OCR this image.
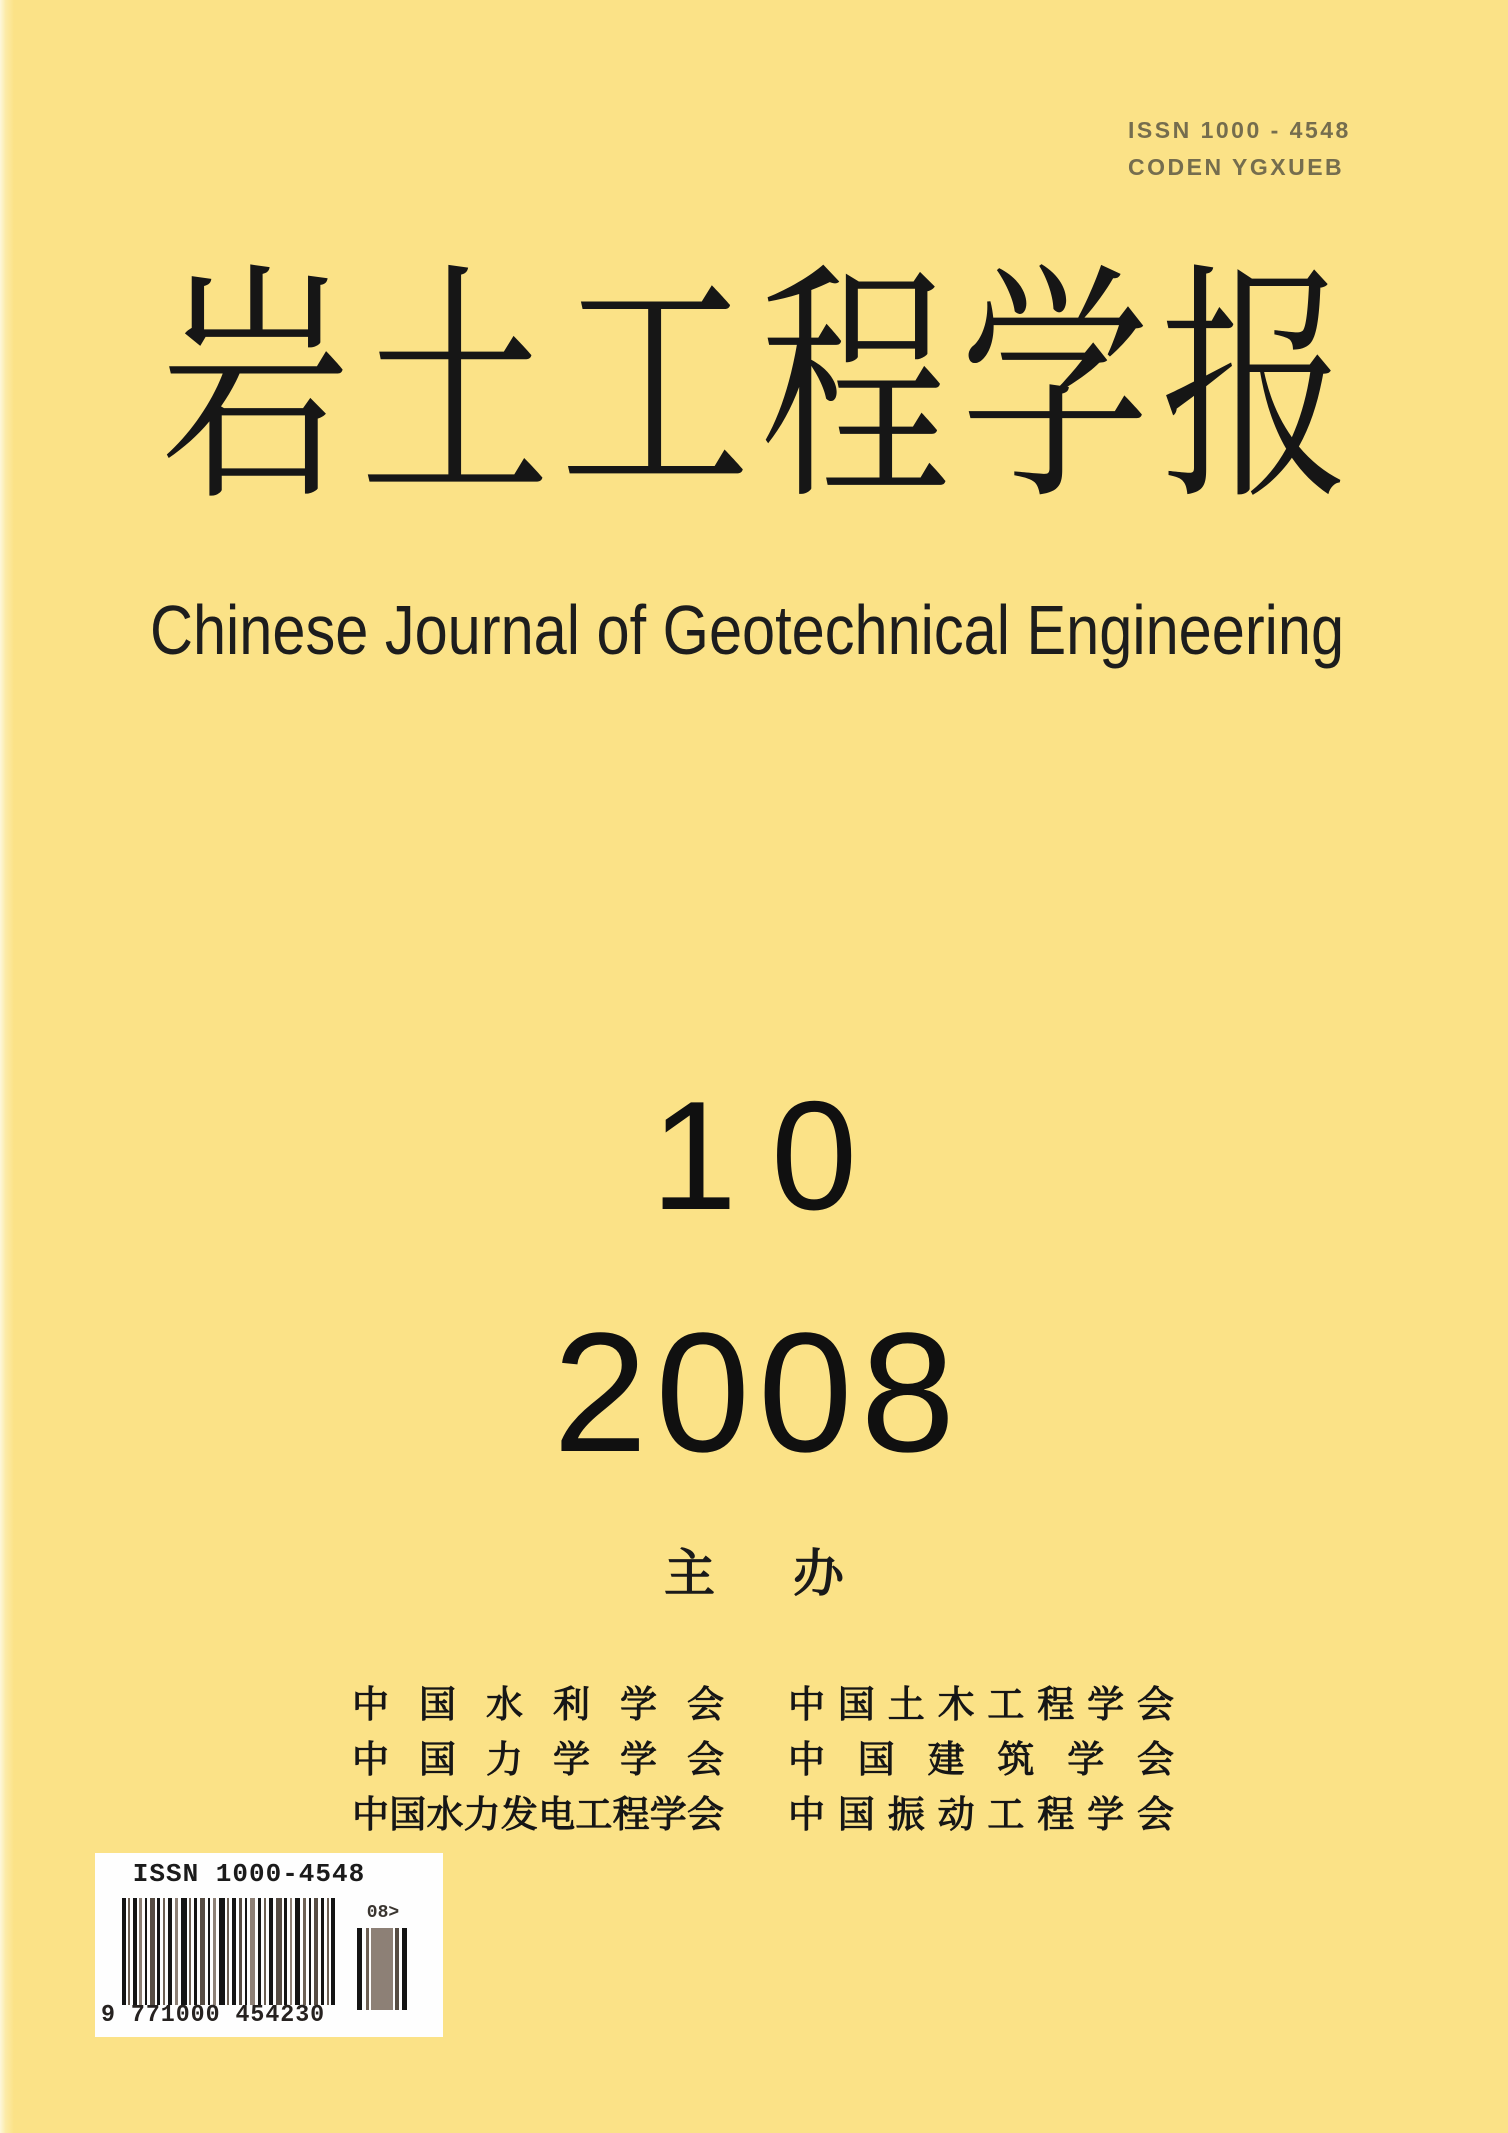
ISSN 1000 - 4548
CODEN YGXUEB
岩土工程学报
Chinese Journal of Geotechnical Engineering
10
2008
主办
中国水利学会 中国土木工程学会
中国力学学会 中国建筑学会
中国水力发电工程学会 中国振动工程学会
ISSN 1000-4548
9 771000 454230
08>
